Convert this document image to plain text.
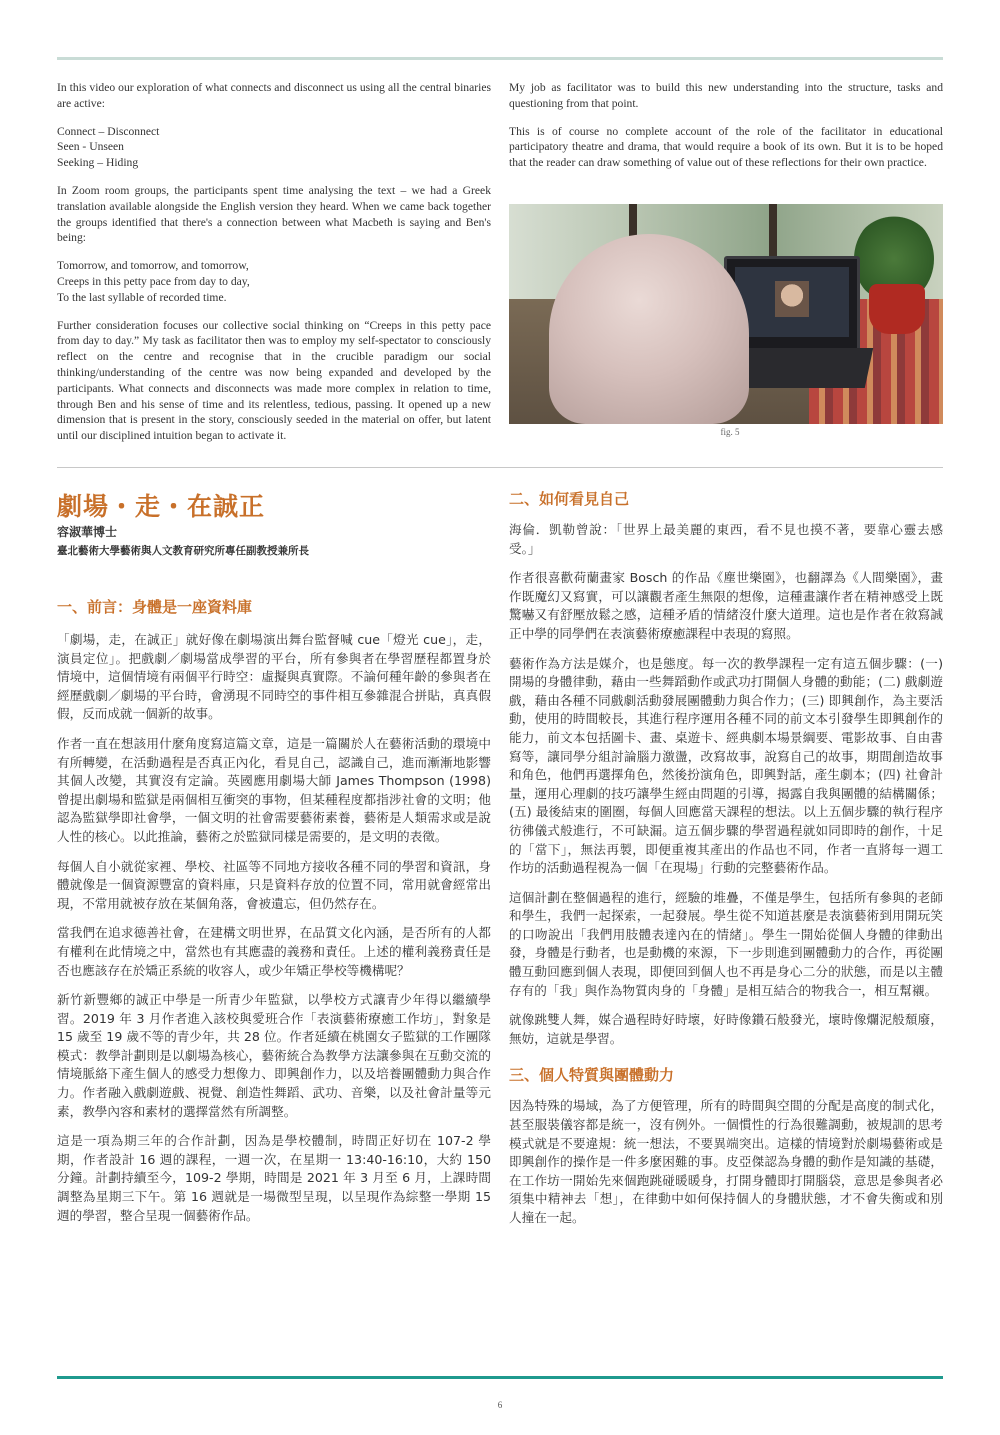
In this video our exploration of what connects and disconnect us using all the central binaries are active:

Connect – Disconnect
Seen - Unseen
Seeking – Hiding

In Zoom room groups, the participants spent time analysing the text – we had a Greek translation available alongside the English version they heard. When we came back together the groups identified that there's a connection between what Macbeth is saying and Ben's being:

Tomorrow, and tomorrow, and tomorrow,
Creeps in this petty pace from day to day,
To the last syllable of recorded time.

Further consideration focuses our collective social thinking on “Creeps in this petty pace from day to day.” My task as facilitator then was to employ my self-spectator to consciously reflect on the centre and recognise that in the crucible paradigm our social thinking/understanding of the centre was now being expanded and developed by the participants. What connects and disconnects was made more complex in relation to time, through Ben and his sense of time and its relentless, tedious, passing. It opened up a new dimension that is present in the story, consciously seeded in the material on offer, but latent until our disciplined intuition began to activate it.

My job as facilitator was to build this new understanding into the structure, tasks and questioning from that point.

This is of course no complete account of the role of the facilitator in educational participatory theatre and drama, that would require a book of its own. But it is to be hoped that the reader can draw something of value out of these reflections for their own practice.

fig. 5
劇場・走・在誠正
容淑華博士
臺北藝術大學藝術與人文教育研究所專任副教授兼所長
一、前言：身體是一座資料庫

「劇場，走，在誠正」就好像在劇場演出舞台監督喊 cue「燈光 cue」，走，演員定位」。把戲劇／劇場當成學習的平台，所有參與者在學習歷程都置身於情境中，這個情境有兩個平行時空：虛擬與真實際。不論何種年齡的參與者在經歷戲劇／劇場的平台時，會湧現不同時空的事件相互參雜混合拼貼，真真假假，反而成就一個新的故事。

作者一直在想該用什麼角度寫這篇文章，這是一篇關於人在藝術活動的環境中有所轉變，在活動過程是否真正內化，看見自己，認識自己，進而漸漸地影響其個人改變，其實沒有定論。英國應用劇場大師 James Thompson (1998) 曾提出劇場和監獄是兩個相互衝突的事物，但某種程度都指涉社會的文明；他認為監獄學即社會學，一個文明的社會需要藝術素養，藝術是人類需求或是說人性的核心。以此推論，藝術之於監獄同樣是需要的，是文明的表徵。

每個人自小就從家裡、學校、社區等不同地方接收各種不同的學習和資訊，身體就像是一個資源豐富的資料庫，只是資料存放的位置不同，常用就會經常出現，不常用就被存放在某個角落，會被遺忘，但仍然存在。

當我們在追求德善社會，在建構文明世界，在品質文化內涵，是否所有的人都有權利在此情境之中，當然也有其應盡的義務和責任。上述的權利義務責任是否也應該存在於矯正系統的收容人，或少年矯正學校等機構呢？

新竹新豐鄉的誠正中學是一所青少年監獄，以學校方式讓青少年得以繼續學習。2019 年 3 月作者進入該校與愛班合作「表演藝術療癒工作坊」，對象是 15 歲至 19 歲不等的青少年，共 28 位。作者延續在桃園女子監獄的工作團隊模式：教學計劃則是以劇場為核心，藝術統合為教學方法讓參與在互動交流的情境脈絡下產生個人的感受力想像力、即興創作力，以及培養團體動力與合作力。作者融入戲劇遊戲、視覺、創造性舞蹈、武功、音樂，以及社會計量等元素，教學內容和素材的選擇當然有所調整。

這是一項為期三年的合作計劃，因為是學校體制，時間正好切在 107-2 學期，作者設計 16 週的課程，一週一次，在星期一 13:40-16:10，大約 150 分鐘。計劃持續至今，109-2 學期，時間是 2021 年 3 月至 6 月，上課時間調整為星期三下午。第 16 週就是一場微型呈現，以呈現作為綜整一學期 15 週的學習，整合呈現一個藝術作品。

二、如何看見自己

海倫．凱勒曾說：「世界上最美麗的東西，看不見也摸不著，要靠心靈去感受。」

作者很喜歡荷蘭畫家 Bosch 的作品《塵世樂園》，也翻譯為《人間樂園》，畫作既魔幻又寫實，可以讓觀者產生無限的想像，這種畫讓作者在精神感受上既驚嚇又有舒壓放鬆之感，這種矛盾的情緒沒什麼大道理。這也是作者在敘寫誠正中學的同學們在表演藝術療癒課程中表現的寫照。

藝術作為方法是媒介，也是態度。每一次的教學課程一定有這五個步驟：(一) 開場的身體律動，藉由一些舞蹈動作或武功打開個人身體的動能；(二) 戲劇遊戲，藉由各種不同戲劇活動發展團體動力與合作力；(三) 即興創作，為主要活動，使用的時間較長，其進行程序運用各種不同的前文本引發學生即興創作的能力，前文本包括圖卡、畫、桌遊卡、經典劇本場景綱要、電影故事、自由書寫等，讓同學分組討論腦力激盪，改寫故事，說寫自己的故事，期間創造故事和角色，他們再選擇角色，然後扮演角色，即興對話，產生劇本；(四) 社會計量，運用心理劇的技巧讓學生經由問題的引導，揭露自我與團體的結構關係；(五) 最後結束的圍圈，每個人回應當天課程的想法。以上五個步驟的執行程序彷彿儀式般進行，不可缺漏。這五個步驟的學習過程就如同即時的創作，十足的「當下」，無法再製，即便重複其產出的作品也不同，作者一直將每一週工作坊的活動過程視為一個「在現場」行動的完整藝術作品。

這個計劃在整個過程的進行，經驗的堆疊，不僅是學生，包括所有參與的老師和學生，我們一起探索，一起發展。學生從不知道甚麼是表演藝術到用開玩笑的口吻說出「我們用肢體表達內在的情緒」。學生一開始從個人身體的律動出發，身體是行動者，也是動機的來源，下一步則進到團體動力的合作，再從團體互動回應到個人表現，即便回到個人也不再是身心二分的狀態，而是以主體存有的「我」與作為物質肉身的「身體」是相互結合的物我合一，相互幫襯。

就像跳雙人舞，媒合過程時好時壞，好時像鑽石般發光，壞時像爛泥般頹廢，無妨，這就是學習。

三、個人特質與團體動力

因為特殊的場域，為了方便管理，所有的時間與空間的分配是高度的制式化，甚至服裝儀容都是統一，沒有例外。一個慣性的行為很難調動，被規訓的思考模式就是不要違規：統一想法，不要異端突出。這樣的情境對於劇場藝術或是即興創作的操作是一件多麼困難的事。皮亞傑認為身體的動作是知識的基礎，在工作坊一開始先來個跑跳碰暖暖身，打開身體即打開腦袋，意思是參與者必須集中精神去「想」，在律動中如何保持個人的身體狀態，才不會失衡或和別人撞在一起。

6
